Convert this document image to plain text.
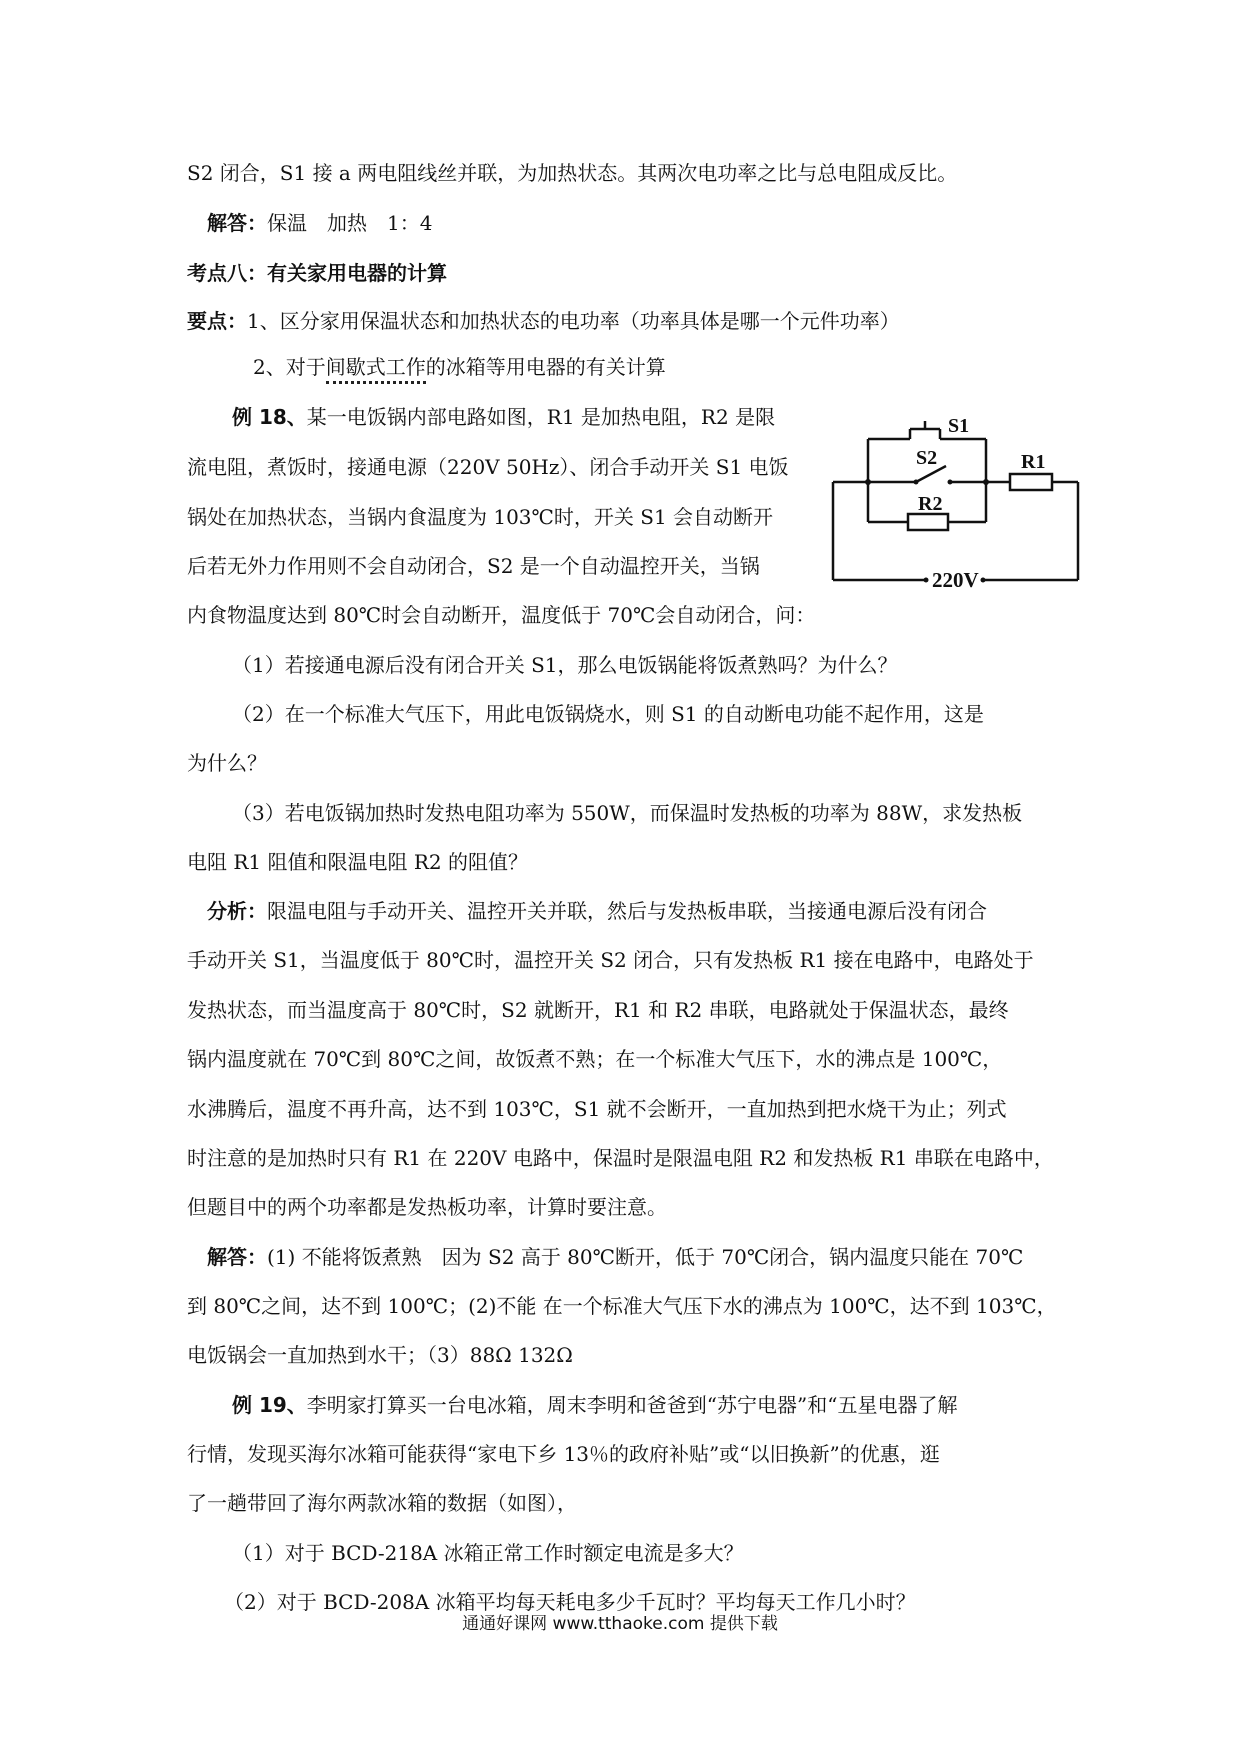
S2 闭合，S1 接 a 两电阻线丝并联，为加热状态。其两次电功率之比与总电阻成反比。
解答：保温　加热　1：4
考点八：有关家用电器的计算
要点：1、区分家用保温状态和加热状态的电功率（功率具体是哪一个元件功率）
2、对于间歇式工作的冰箱等用电器的有关计算
例 18、某一电饭锅内部电路如图，R1 是加热电阻，R2 是限
流电阻，煮饭时，接通电源（220V 50Hz）、闭合手动开关 S1 电饭
锅处在加热状态，当锅内食温度为 103℃时，开关 S1 会自动断开
后若无外力作用则不会自动闭合，S2 是一个自动温控开关，当锅
内食物温度达到 80℃时会自动断开，温度低于 70℃会自动闭合，问：
S1
S2	R1
R2
220V
（1）若接通电源后没有闭合开关 S1，那么电饭锅能将饭煮熟吗？为什么？
（2）在一个标准大气压下，用此电饭锅烧水，则 S1 的自动断电功能不起作用，这是
为什么？
（3）若电饭锅加热时发热电阻功率为 550W，而保温时发热板的功率为 88W，求发热板
电阻 R1 阻值和限温电阻 R2 的阻值？
分析：限温电阻与手动开关、温控开关并联，然后与发热板串联，当接通电源后没有闭合
手动开关 S1，当温度低于 80℃时，温控开关 S2 闭合，只有发热板 R1 接在电路中，电路处于
发热状态，而当温度高于 80℃时，S2 就断开，R1 和 R2 串联，电路就处于保温状态，最终
锅内温度就在 70℃到 80℃之间，故饭煮不熟；在一个标准大气压下，水的沸点是 100℃，
水沸腾后，温度不再升高，达不到 103℃，S1 就不会断开，一直加热到把水烧干为止；列式
时注意的是加热时只有 R1 在 220V 电路中，保温时是限温电阻 R2 和发热板 R1 串联在电路中，
但题目中的两个功率都是发热板功率，计算时要注意。
解答：(1) 不能将饭煮熟　因为 S2 高于 80℃断开，低于 70℃闭合，锅内温度只能在 70℃
到 80℃之间，达不到 100℃；(2)不能 在一个标准大气压下水的沸点为 100℃，达不到 103℃，
电饭锅会一直加热到水干；（3）88Ω 132Ω
例 19、李明家打算买一台电冰箱，周末李明和爸爸到“苏宁电器”和“五星电器了解
行情，发现买海尔冰箱可能获得“家电下乡 13％的政府补贴”或“以旧换新”的优惠，逛
了一趟带回了海尔两款冰箱的数据（如图），
（1）对于 BCD-218A 冰箱正常工作时额定电流是多大？
（2）对于 BCD-208A 冰箱平均每天耗电多少千瓦时？平均每天工作几小时？
通通好课网 www.tthaoke.com 提供下载
